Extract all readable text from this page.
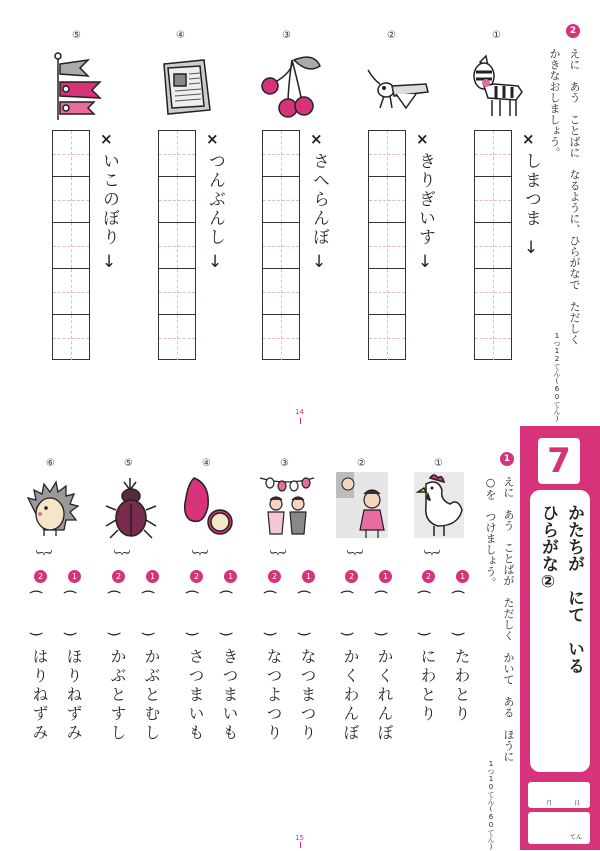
2
えに　あう　ことばに　なるように、ひらがなで　ただしく
かきなおしましょう。
1つ12てん(60てん)
①
×
しまつま
↓
②
×
きりぎいす
↓
③
×
さへらんぼ
↓
④
×
つんぶんし
↓
⑤
×
いこのぼり
↓
14
7
かたちが　にて　いる
ひらがな②
月	日
てん
1
えに　あう　ことばが　ただしく　かいて　ある　ほうに
○を　つけましょう。
1つ10てん(60てん)
①
︸
1
2
(
(
)
)
たわとり
にわとり
②
︸
1
2
(
(
)
)
かくれんぼ
かくわんぼ
③
︸
1
2
(
(
)
)
なつまつり
なつよつり
④
︸
1
2
(
(
)
)
きつまいも
さつまいも
⑤
︸
1
2
(
(
)
)
かぶとむし
かぶとすし
⑥
︸
1
2
(
(
)
)
ほりねずみ
はりねずみ
15
